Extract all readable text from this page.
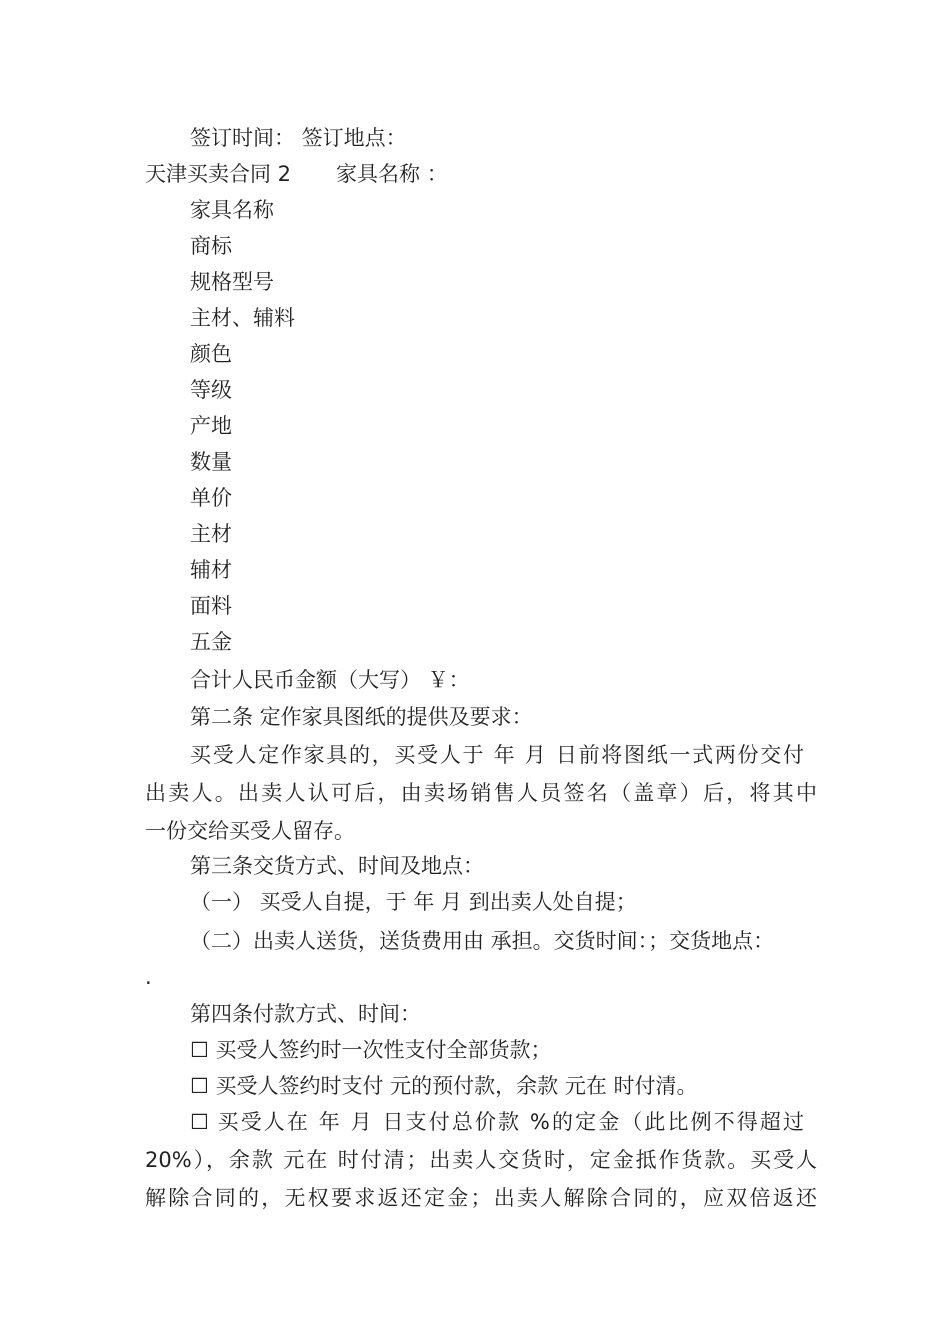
签订时间： 签订地点：
天津买卖合同 2 家具名称 ：
家具名称
商标
规格型号
主材、辅料
颜色
等级
产地
数量
单价
主材
辅材
面料
五金
合计人民币金额（大写） ￥：
第二条 定作家具图纸的提供及要求：
买受人定作家具的，买受人于 年 月 日前将图纸一式两份交付
出卖人。出卖人认可后，由卖场销售人员签名（盖章）后，将其中
一份交给买受人留存。
第三条交货方式、时间及地点：
（一） 买受人自提，于 年 月 到出卖人处自提；
（二）出卖人送货，送货费用由 承担。交货时间：；交货地点：
.
第四条付款方式、时间：
☐ 买受人签约时一次性支付全部货款；
☐ 买受人签约时支付 元的预付款，余款 元在 时付清。
☐ 买受人在 年 月 日支付总价款 %的定金（此比例不得超过
20%），余款 元在 时付清；出卖人交货时，定金抵作货款。买受人
解除合同的，无权要求返还定金；出卖人解除合同的，应双倍返还
